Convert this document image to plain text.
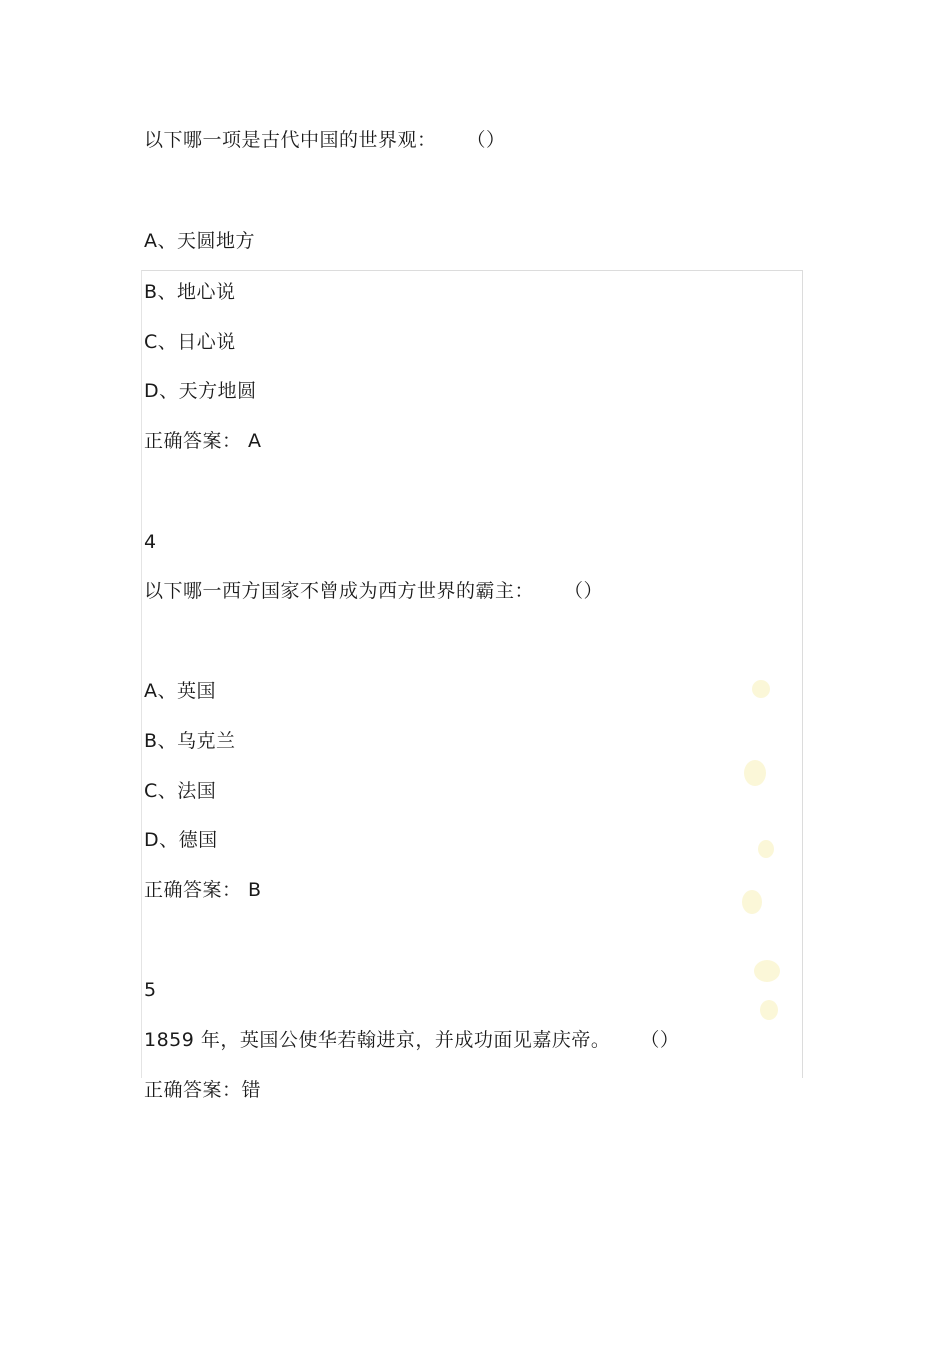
以下哪一项是古代中国的世界观： （）
A、天圆地方
B、地心说
C、日心说
D、天方地圆
正确答案： A
4
以下哪一西方国家不曾成为西方世界的霸主： （）
A、英国
B、乌克兰
C、法国
D、德国
正确答案： B
5
1859 年，英国公使华若翰进京，并成功面见嘉庆帝。 （）
正确答案：错
